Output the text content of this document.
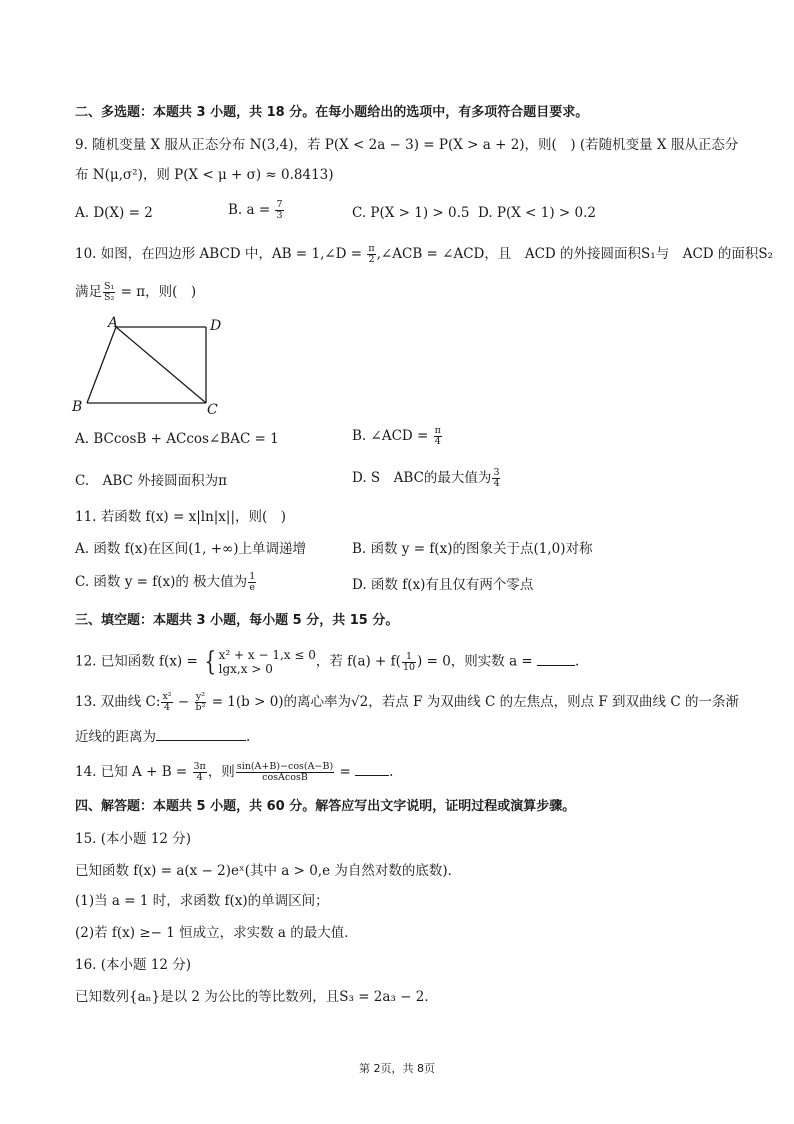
二、多选题：本题共 3 小题，共 18 分。在每小题给出的选项中，有多项符合题目要求。
9. 随机变量 X 服从正态分布 N(3,4)，若 P(X < 2a − 3) = P(X > a + 2)，则(　) (若随机变量 X 服从正态分
布 N(μ,σ²)，则 P(X < μ + σ) ≈ 0.8413)
A. D(X) = 2	B. $a = \frac{7}{3}$	C. P(X > 1) > 0.5 D. P(X < 1) > 0.2
10. 如图，在四边形 ABCD 中，AB = 1,∠D = $\frac{\pi}{2}$ ,∠ACB = ∠ACD，且　ACD 的外接圆面积S₁与　ACD 的面积S₂
满足 $\frac{\text{S₁}}{\text{S₂}} = \pi$，则(　)
A	D
B	C
A. BCcosB + ACcos∠BAC = 1	B. ∠ACD = $\frac{\pi}{4}$
C.　ABC 外接圆面积为π	D. S　ABC的最大值为 $\frac{3}{4}$
11. 若函数 f(x) = x|ln|x||，则(　)
A. 函数 f(x)在区间(1, +∞)上单调递增	B. 函数 y = f(x)的图象关于点(1,0)对称
C. 函数 y = f(x)的 极大值为 $\frac{1}{e}$	D. 函数 f(x)有且仅有两个零点
三、填空题：本题共 3 小题，每小题 5 分，共 15 分。
12. 已知函数 f(x) = { x² + x − 1,x ≤ 0
lgx,x > 0	，若 $f(a) + f( \frac{1}{10}$ ) = 0，则实数 a =	.
13. 双曲线 C: $\frac{\text{x²}}{4} - \frac{\text{y²}}{\text{b²}} = 1(b > 0)$的离心率为√2，若点 F 为双曲线 C 的左焦点，则点 F 到双曲线 C 的一条渐
近线的距离为	.
14. 已知 $A + B = \frac{3\pi}{4}$ ，则 $\frac{\sin(A+B)-\cos(A-B)}{\text{cosAcosB}}$ =	.
四、解答题：本题共 5 小题，共 60 分。解答应写出文字说明，证明过程或演算步骤。
15. (本小题 12 分)
已知函数 f(x) = a(x − 2)eˣ(其中 a > 0,e 为自然对数的底数)．
(1)当 a = 1 时，求函数 f(x)的单调区间；
(2)若 f(x) ≥− 1 恒成立，求实数 a 的最大值．
16. (本小题 12 分)
已知数列{aₙ}是以 2 为公比的等比数列，且S₃ = 2a₃ − 2．
第 2页，共 8页
